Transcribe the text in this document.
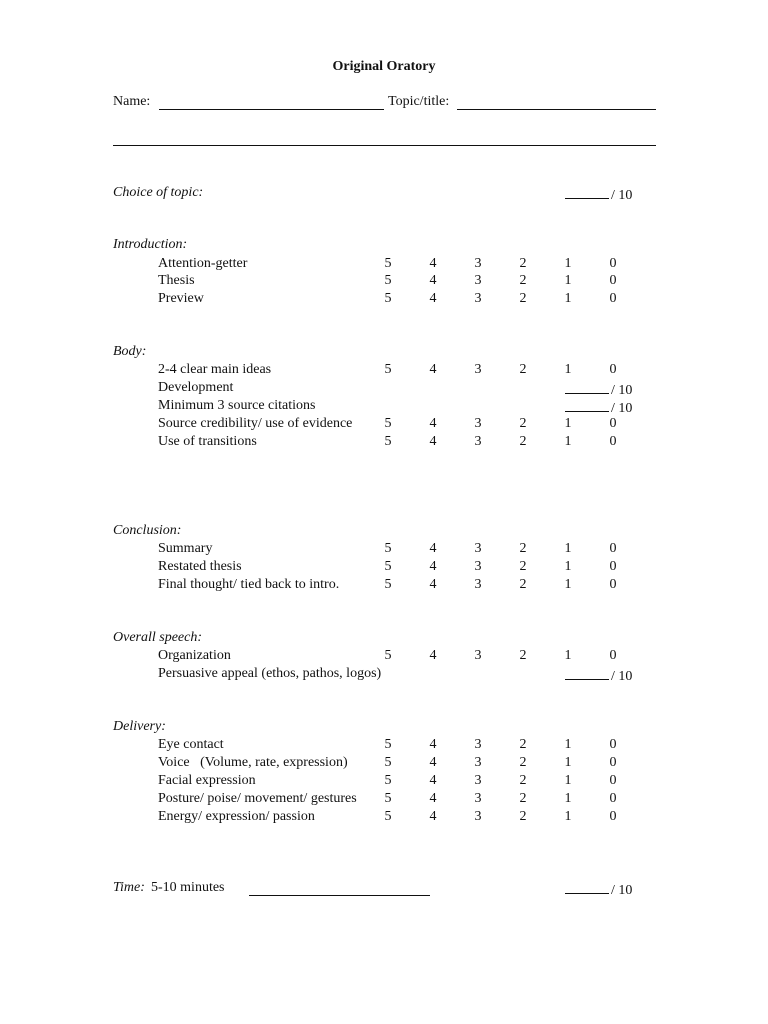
Original Oratory
Name:	Topic/title:
Choice of topic:	/ 10
Introduction:
Attention-getter	5	4	3	2	1	0
Thesis	5	4	3	2	1	0
Preview	5	4	3	2	1	0
Body:
2-4 clear main ideas	5	4	3	2	1	0
Development	/ 10
Minimum 3 source citations	/ 10
Source credibility/ use of evidence 5	4	3	2	1	0
Use of transitions	5	4	3	2	1	0
Conclusion:
Summary	5	4	3	2	1	0
Restated thesis	5	4	3	2	1	0
Final thought/ tied back to intro.	5	4	3	2	1	0
Overall speech:
Organization	5	4	3	2	1	0
Persuasive appeal (ethos, pathos, logos)	/ 10
Delivery:
Eye contact	5	4	3	2	1	0
Voice   (Volume, rate, expression)	5	4	3	2	1	0
Facial expression	5	4	3	2	1	0
Posture/ poise/ movement/ gestures 5	4	3	2	1	0
Energy/ expression/ passion	5	4	3	2	1	0
Time: 5-10 minutes	/ 10
